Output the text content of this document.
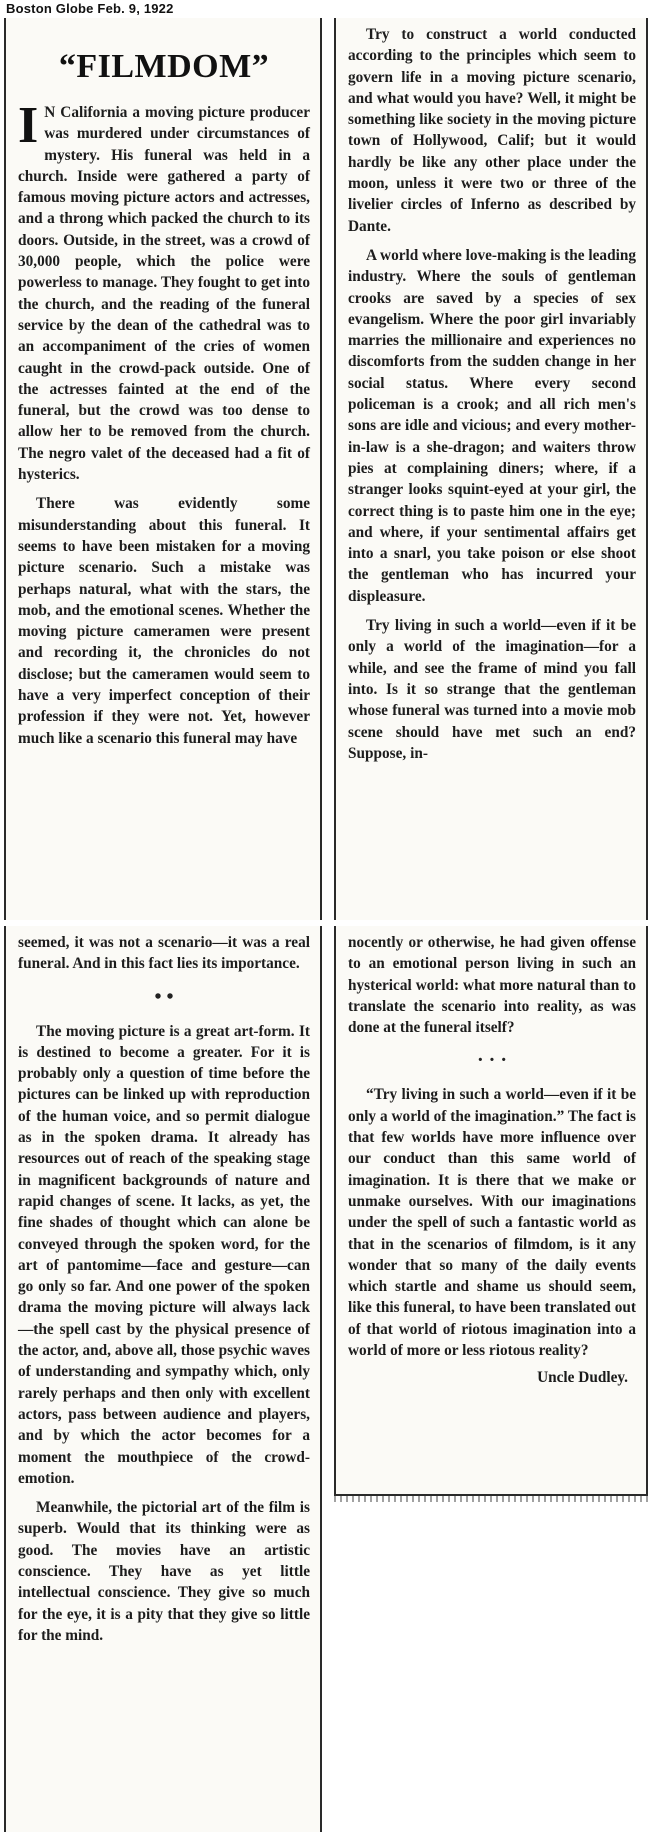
Boston Globe Feb. 9, 1922
“FILMDOM”

I N California a moving picture producer was murdered under circumstances of mystery. His funeral was held in a church. Inside were gathered a party of famous moving picture actors and actresses, and a throng which packed the church to its doors. Outside, in the street, was a crowd of 30,000 people, which the police were powerless to manage. They fought to get into the church, and the reading of the funeral service by the dean of the cathedral was to an accompaniment of the cries of women caught in the crowd-pack outside. One of the actresses fainted at the end of the funeral, but the crowd was too dense to allow her to be removed from the church. The negro valet of the deceased had a fit of hysterics.

There was evidently some misunderstanding about this funeral. It seems to have been mistaken for a moving picture scenario. Such a mistake was perhaps natural, what with the stars, the mob, and the emotional scenes. Whether the moving picture cameramen were present and recording it, the chronicles do not disclose; but the cameramen would seem to have a very imperfect conception of their profession if they were not. Yet, however much like a scenario this funeral may have

Try to construct a world conducted according to the principles which seem to govern life in a moving picture scenario, and what would you have? Well, it might be something like society in the moving picture town of Hollywood, Calif; but it would hardly be like any other place under the moon, unless it were two or three of the livelier circles of Inferno as described by Dante.

A world where love-making is the leading industry. Where the souls of gentleman crooks are saved by a species of sex evangelism. Where the poor girl invariably marries the millionaire and experiences no discomforts from the sudden change in her social status. Where every second policeman is a crook; and all rich men's sons are idle and vicious; and every mother-in-law is a she-dragon; and waiters throw pies at complaining diners; where, if a stranger looks squint-eyed at your girl, the correct thing is to paste him one in the eye; and where, if your sentimental affairs get into a snarl, you take poison or else shoot the gentleman who has incurred your displeasure.

Try living in such a world—even if it be only a world of the imagination—for a while, and see the frame of mind you fall into. Is it so strange that the gentleman whose funeral was turned into a movie mob scene should have met such an end? Suppose, in-

seemed, it was not a scenario—it was a real funeral. And in this fact lies its importance.

• •

The moving picture is a great art-form. It is destined to become a greater. For it is probably only a question of time before the pictures can be linked up with reproduction of the human voice, and so permit dialogue as in the spoken drama. It already has resources out of reach of the speaking stage in magnificent backgrounds of nature and rapid changes of scene. It lacks, as yet, the fine shades of thought which can alone be conveyed through the spoken word, for the art of pantomime—face and gesture—can go only so far. And one power of the spoken drama the moving picture will always lack—the spell cast by the physical presence of the actor, and, above all, those psychic waves of understanding and sympathy which, only rarely perhaps and then only with excellent actors, pass between audience and players, and by which the actor becomes for a moment the mouthpiece of the crowd-emotion.

Meanwhile, the pictorial art of the film is superb. Would that its thinking were as good. The movies have an artistic conscience. They have as yet little intellectual conscience. They give so much for the eye, it is a pity that they give so little for the mind.

nocently or otherwise, he had given offense to an emotional person living in such an hysterical world: what more natural than to translate the scenario into reality, as was done at the funeral itself?

· · ·

“Try living in such a world—even if it be only a world of the imagination.” The fact is that few worlds have more influence over our conduct than this same world of imagination. It is there that we make or unmake ourselves. With our imaginations under the spell of such a fantastic world as that in the scenarios of filmdom, is it any wonder that so many of the daily events which startle and shame us should seem, like this funeral, to have been translated out of that world of riotous imagination into a world of more or less riotous reality?

Uncle Dudley.
